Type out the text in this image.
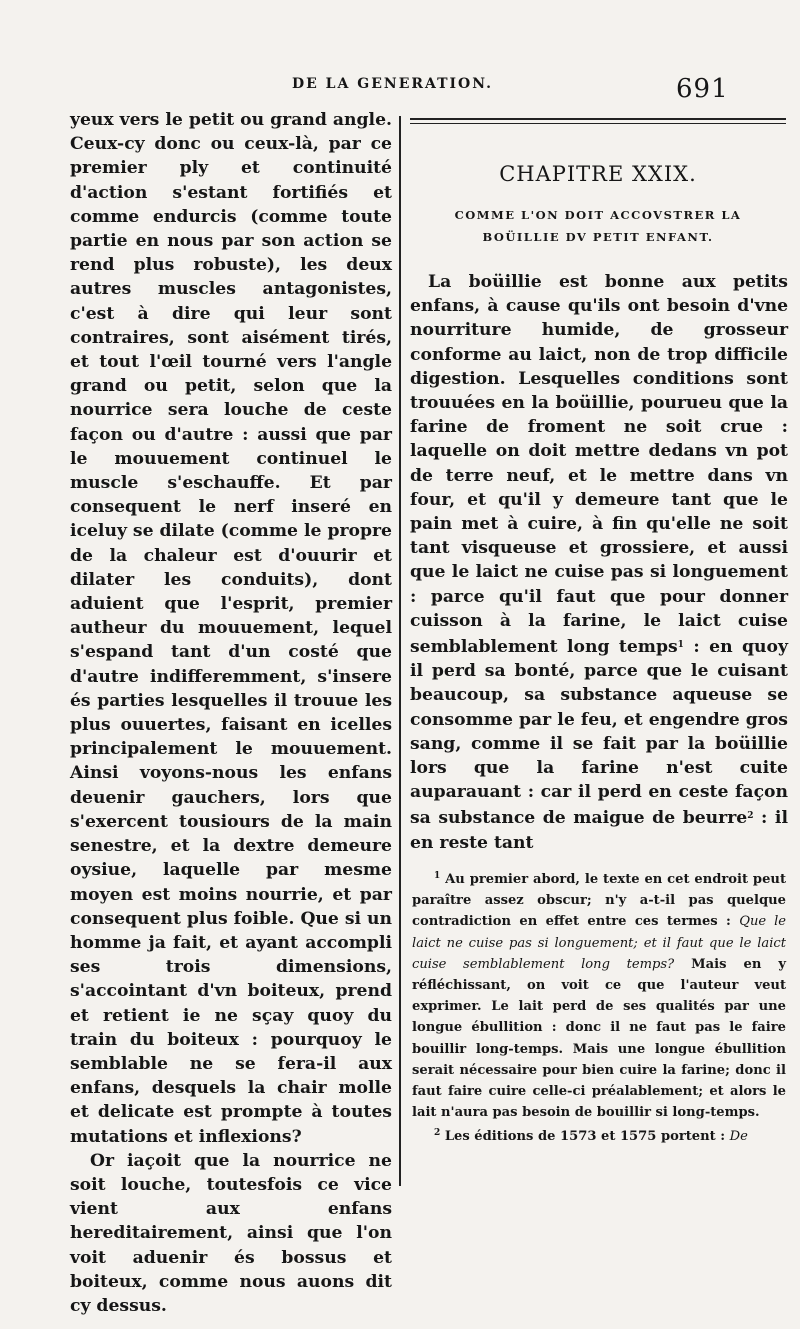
DE LA GENERATION.	691

yeux vers le petit ou grand angle. Ceux-cy donc ou ceux-là, par ce premier ply et continuité d'action s'estant fortifiés et comme endurcis (comme toute partie en nous par son action se rend plus robuste), les deux autres muscles antagonistes, c'est à dire qui leur sont contraires, sont aisément tirés, et tout l'œil tourné vers l'angle grand ou petit, selon que la nourrice sera louche de ceste façon ou d'autre : aussi que par le mouuement continuel le muscle s'eschauffe. Et par consequent le nerf inseré en iceluy se dilate (comme le propre de la chaleur est d'ouurir et dilater les conduits), dont aduient que l'esprit, premier autheur du mouuement, lequel s'espand tant d'un costé que d'autre indifferemment, s'insere és parties lesquelles il trouue les plus ouuertes, faisant en icelles principalement le mouuement. Ainsi voyons-nous les enfans deuenir gauchers, lors que s'exercent tousiours de la main senestre, et la dextre demeure oysiue, laquelle par mesme moyen est moins nourrie, et par consequent plus foible. Que si un homme ja fait, et ayant accompli ses trois dimensions, s'accointant d'vn boiteux, prend et retient ie ne sçay quoy du train du boiteux : pourquoy le semblable ne se fera-il aux enfans, desquels la chair molle et delicate est prompte à toutes mutations et inflexions?

Or iaçoit que la nourrice ne soit louche, toutesfois ce vice vient aux enfans hereditairement, ainsi que l'on voit aduenir és bossus et boiteux, comme nous auons dit cy dessus.

CHAPITRE XXIX.
COMME L'ON DOIT ACCOVSTRER LA
BOÜILLIE DV PETIT ENFANT.

La boüillie est bonne aux petits enfans, à cause qu'ils ont besoin d'vne nourriture humide, de grosseur conforme au laict, non de trop difficile digestion. Lesquelles conditions sont trouuées en la boüillie, pourueu que la farine de froment ne soit crue : laquelle on doit mettre dedans vn pot de terre neuf, et le mettre dans vn four, et qu'il y demeure tant que le pain met à cuire, à fin qu'elle ne soit tant visqueuse et grossiere, et aussi que le laict ne cuise pas si longuement : parce qu'il faut que pour donner cuisson à la farine, le laict cuise semblablement long temps$^1$ : en quoy il perd sa bonté, parce que le cuisant beaucoup, sa substance aqueuse se consomme par le feu, et engendre gros sang, comme il se fait par la boüillie lors que la farine n'est cuite auparauant : car il perd en ceste façon sa substance de maigue de beurre$^2$ : il en reste tant

$^1$ Au premier abord, le texte en cet endroit peut paraître assez obscur; n'y a-t-il pas quelque contradiction en effet entre ces termes : Que le laict ne cuise pas si longuement; et il faut que le laict cuise semblablement long temps? Mais en y réfléchissant, on voit ce que l'auteur veut exprimer. Le lait perd de ses qualités par une longue ébullition : donc il ne faut pas le faire bouillir long-temps. Mais une longue ébullition serait nécessaire pour bien cuire la farine; donc il faut faire cuire celle-ci préalablement; et alors le lait n'aura pas besoin de bouillir si long-temps.

$^2$ Les éditions de 1573 et 1575 portent : De
